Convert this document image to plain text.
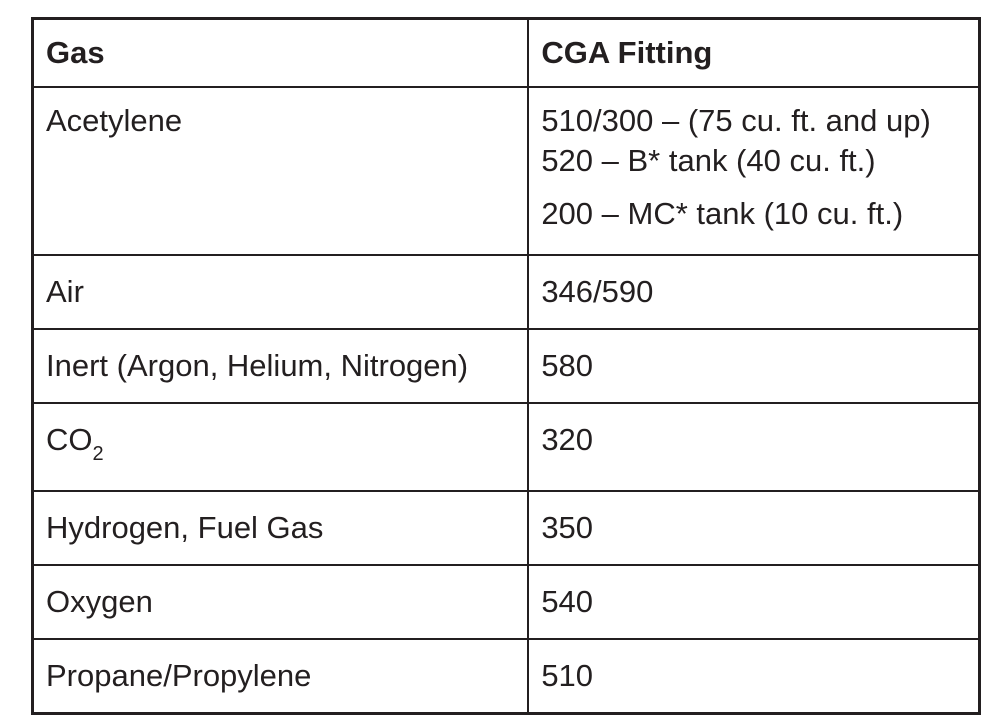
Gas	CGA Fitting

Acetylene	510/300 – (75 cu. ft. and up)
520 – B* tank (40 cu. ft.)
200 – MC* tank (10 cu. ft.)

Air	346/590
Inert (Argon, Helium, Nitrogen)	580
$CO_2$	320
Hydrogen, Fuel Gas	350
Oxygen	540
Propane/Propylene	510
